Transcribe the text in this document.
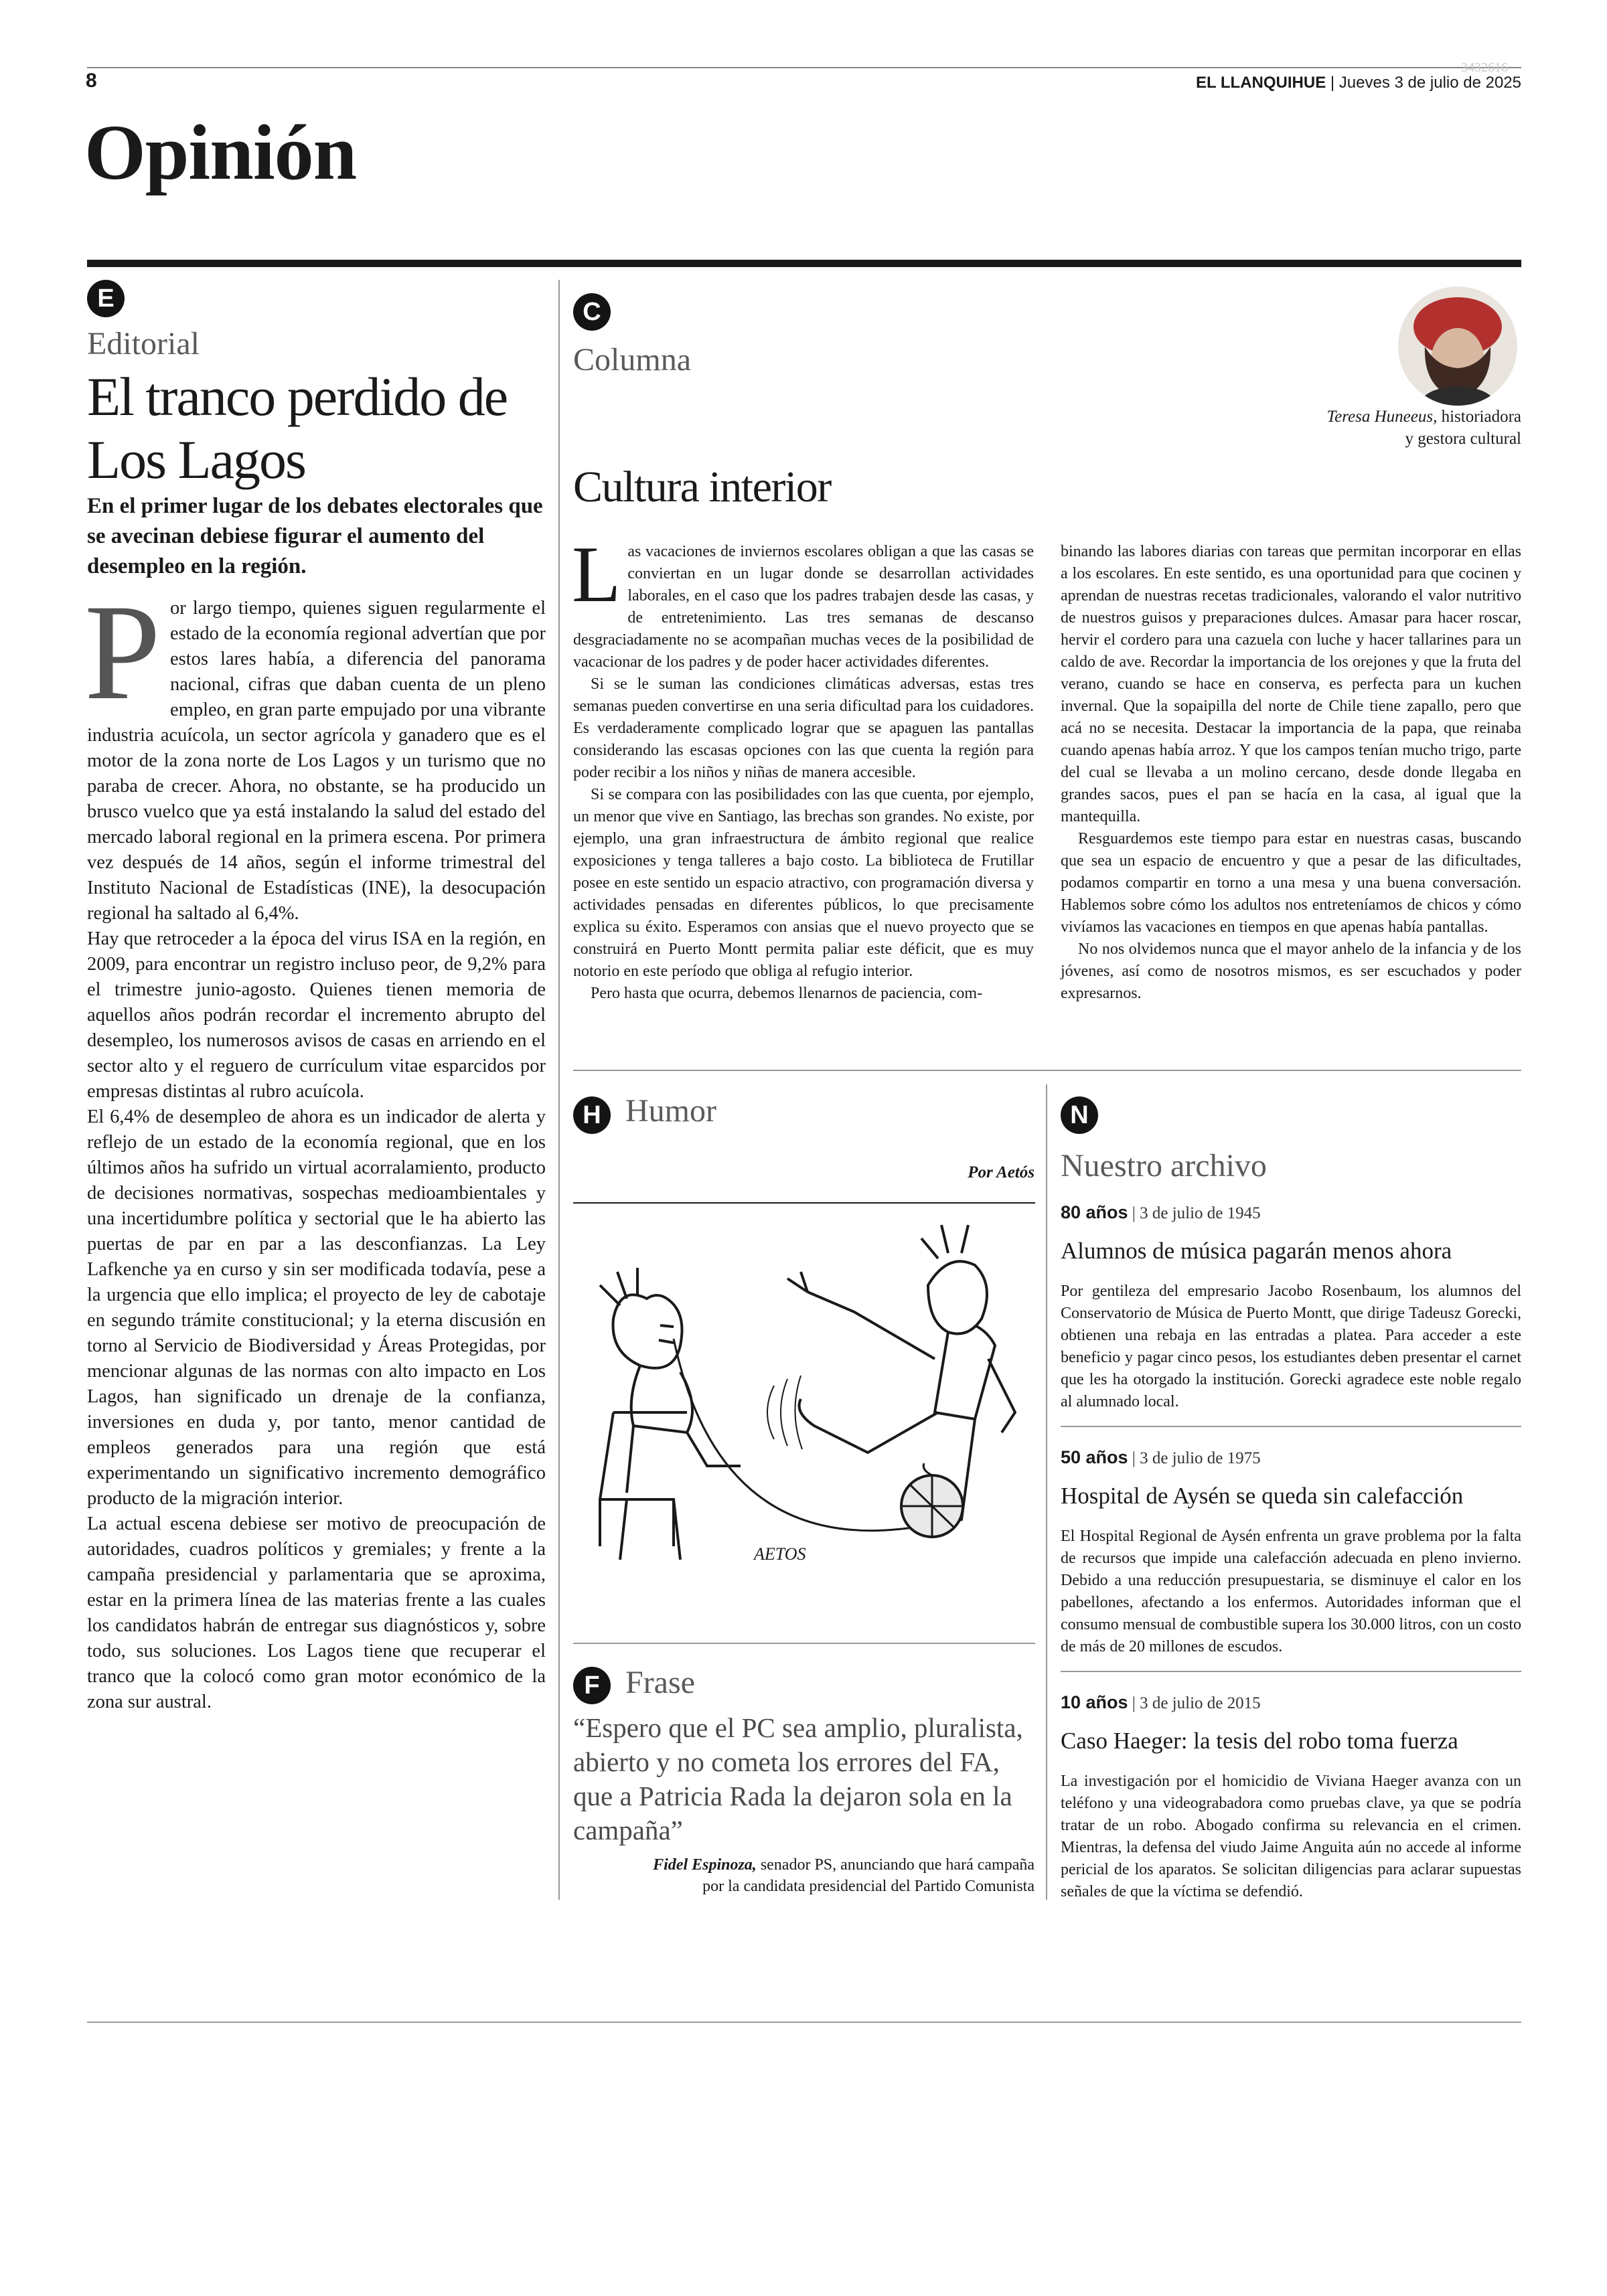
8
3432616
EL LLANQUIHUE | Jueves 3 de julio de 2025
Opinión
E
Editorial
El tranco perdido de Los Lagos
En el primer lugar de los debates electorales que se avecinan debiese figurar el aumento del desempleo en la región.
P or largo tiempo, quienes siguen regularmente el estado de la economía regional advertían que por estos lares había, a diferencia del panorama nacional, cifras que daban cuenta de un pleno empleo, en gran parte empujado por una vibrante industria acuícola, un sector agrícola y ganadero que es el motor de la zona norte de Los Lagos y un turismo que no paraba de crecer. Ahora, no obstante, se ha producido un brusco vuelco que ya está instalando la salud del estado del mercado laboral regional en la primera escena. Por primera vez después de 14 años, según el informe trimestral del Instituto Nacional de Estadísticas (INE), la desocupación regional ha saltado al 6,4%.

Hay que retroceder a la época del virus ISA en la región, en 2009, para encontrar un registro incluso peor, de 9,2% para el trimestre junio-agosto. Quienes tienen memoria de aquellos años podrán recordar el incremento abrupto del desempleo, los numerosos avisos de casas en arriendo en el sector alto y el reguero de currículum vitae esparcidos por empresas distintas al rubro acuícola.

El 6,4% de desempleo de ahora es un indicador de alerta y reflejo de un estado de la economía regional, que en los últimos años ha sufrido un virtual acorralamiento, producto de decisiones normativas, sospechas medioambientales y una incertidumbre política y sectorial que le ha abierto las puertas de par en par a las desconfianzas. La Ley Lafkenche ya en curso y sin ser modificada todavía, pese a la urgencia que ello implica; el proyecto de ley de cabotaje en segundo trámite constitucional; y la eterna discusión en torno al Servicio de Biodiversidad y Áreas Protegidas, por mencionar algunas de las normas con alto impacto en Los Lagos, han significado un drenaje de la confianza, inversiones en duda y, por tanto, menor cantidad de empleos generados para una región que está experimentando un significativo incremento demográfico producto de la migración interior.

La actual escena debiese ser motivo de preocupación de autoridades, cuadros políticos y gremiales; y frente a la campaña presidencial y parlamentaria que se aproxima, estar en la primera línea de las materias frente a las cuales los candidatos habrán de entregar sus diagnósticos y, sobre todo, sus soluciones. Los Lagos tiene que recuperar el tranco que la colocó como gran motor económico de la zona sur austral.

C
Columna
Teresa Huneeus, historiadora
y gestora cultural
Cultura interior
L as vacaciones de inviernos escolares obligan a que las casas se conviertan en un lugar donde se desarrollan actividades laborales, en el caso que los padres trabajen desde las casas, y de entretenimiento. Las tres semanas de descanso desgraciadamente no se acompañan muchas veces de la posibilidad de vacacionar de los padres y de poder hacer actividades diferentes.

Si se le suman las condiciones climáticas adversas, estas tres semanas pueden convertirse en una seria dificultad para los cuidadores. Es verdaderamente complicado lograr que se apaguen las pantallas considerando las escasas opciones con las que cuenta la región para poder recibir a los niños y niñas de manera accesible.

Si se compara con las posibilidades con las que cuenta, por ejemplo, un menor que vive en Santiago, las brechas son grandes. No existe, por ejemplo, una gran infraestructura de ámbito regional que realice exposiciones y tenga talleres a bajo costo. La biblioteca de Frutillar posee en este sentido un espacio atractivo, con programación diversa y actividades pensadas en diferentes públicos, lo que precisamente explica su éxito. Esperamos con ansias que el nuevo proyecto que se construirá en Puerto Montt permita paliar este déficit, que es muy notorio en este período que obliga al refugio interior.

Pero hasta que ocurra, debemos llenarnos de paciencia, com-

binando las labores diarias con tareas que permitan incorporar en ellas a los escolares. En este sentido, es una oportunidad para que cocinen y aprendan de nuestras recetas tradicionales, valorando el valor nutritivo de nuestros guisos y preparaciones dulces. Amasar para hacer roscar, hervir el cordero para una cazuela con luche y hacer tallarines para un caldo de ave. Recordar la importancia de los orejones y que la fruta del verano, cuando se hace en conserva, es perfecta para un kuchen invernal. Que la sopaipilla del norte de Chile tiene zapallo, pero que acá no se necesita. Destacar la importancia de la papa, que reinaba cuando apenas había arroz. Y que los campos tenían mucho trigo, parte del cual se llevaba a un molino cercano, desde donde llegaba en grandes sacos, pues el pan se hacía en la casa, al igual que la mantequilla.

Resguardemos este tiempo para estar en nuestras casas, buscando que sea un espacio de encuentro y que a pesar de las dificultades, podamos compartir en torno a una mesa y una buena conversación. Hablemos sobre cómo los adultos nos entreteníamos de chicos y cómo vivíamos las vacaciones en tiempos en que apenas había pantallas.

No nos olvidemos nunca que el mayor anhelo de la infancia y de los jóvenes, así como de nosotros mismos, es ser escuchados y poder expresarnos.

H Humor
Por Aetós
AETOS
F Frase
“Espero que el PC sea amplio, pluralista, abierto y no cometa los errores del FA, que a Patricia Rada la dejaron sola en la campaña”
Fidel Espinoza, senador PS, anunciando que hará campaña
por la candidata presidencial del Partido Comunista
N
Nuestro archivo
80 años | 3 de julio de 1945
Alumnos de música pagarán menos ahora

Por gentileza del empresario Jacobo Rosenbaum, los alumnos del Conservatorio de Música de Puerto Montt, que dirige Tadeusz Gorecki, obtienen una rebaja en las entradas a platea. Para acceder a este beneficio y pagar cinco pesos, los estudiantes deben presentar el carnet que les ha otorgado la institución. Gorecki agradece este noble regalo al alumnado local.

50 años | 3 de julio de 1975
Hospital de Aysén se queda sin calefacción

El Hospital Regional de Aysén enfrenta un grave problema por la falta de recursos que impide una calefacción adecuada en pleno invierno. Debido a una reducción presupuestaria, se disminuye el calor en los pabellones, afectando a los enfermos. Autoridades informan que el consumo mensual de combustible supera los 30.000 litros, con un costo de más de 20 millones de escudos.

10 años | 3 de julio de 2015
Caso Haeger: la tesis del robo toma fuerza

La investigación por el homicidio de Viviana Haeger avanza con un teléfono y una videograbadora como pruebas clave, ya que se podría tratar de un robo. Abogado confirma su relevancia en el crimen. Mientras, la defensa del viudo Jaime Anguita aún no accede al informe pericial de los aparatos. Se solicitan diligencias para aclarar supuestas señales de que la víctima se defendió.
